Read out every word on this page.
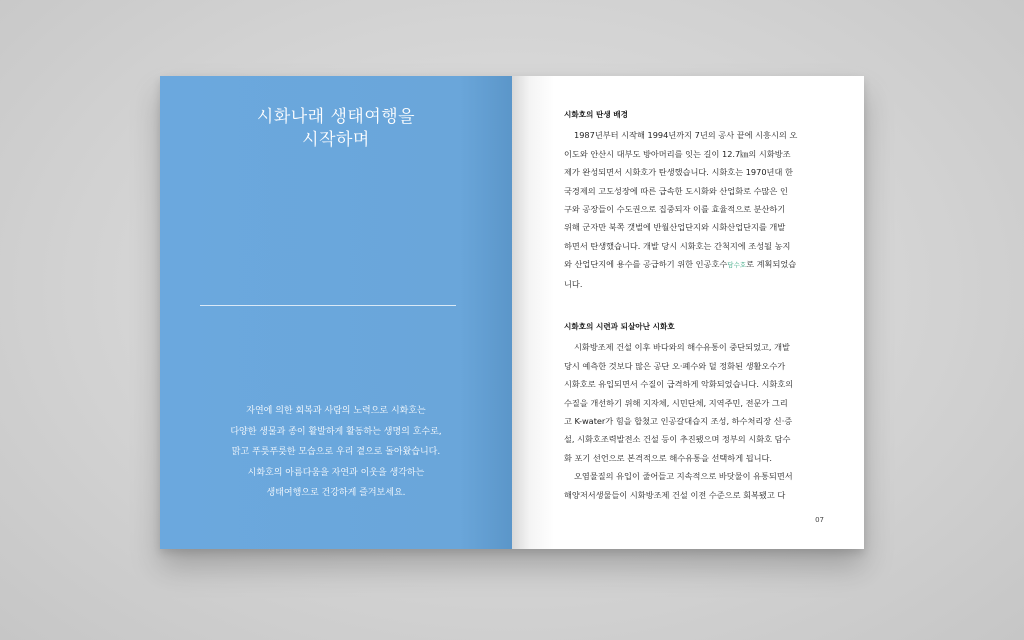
시화나래 생태여행을
시작하며
자연에 의한 회복과 사람의 노력으로 시화호는
다양한 생물과 종이 활발하게 활동하는 생명의 호수로,
맑고 푸릇푸릇한 모습으로 우리 곁으로 돌아왔습니다.
시화호의 아름다움을 자연과 이웃을 생각하는
생태여행으로 건강하게 즐겨보세요.
시화호의 탄생 배경
1987년부터 시작해 1994년까지 7년의 공사 끝에 시흥시의 오
이도와 안산시 대부도 방아머리를 잇는 길이 12.7㎞의 시화방조
제가 완성되면서 시화호가 탄생했습니다. 시화호는 1970년대 한
국경제의 고도성장에 따른 급속한 도시화와 산업화로 수많은 인
구와 공장들이 수도권으로 집중되자 이를 효율적으로 분산하기
위해 군자만 북쪽 갯벌에 반월산업단지와 시화산업단지를 개발
하면서 탄생했습니다. 개발 당시 시화호는 간척지에 조성될 농지
와 산업단지에 용수를 공급하기 위한 인공호수담수호로 계획되었습
니다.
시화호의 시련과 되살아난 시화호
시화방조제 건설 이후 바다와의 해수유통이 중단되었고, 개발
당시 예측한 것보다 많은 공단 오·폐수와 덜 정화된 생활오수가
시화호로 유입되면서 수질이 급격하게 악화되었습니다. 시화호의
수질을 개선하기 위해 지자체, 시민단체, 지역주민, 전문가 그리
고 K-water가 힘을 합쳤고 인공갈대습지 조성, 하수처리장 신·증
설, 시화호조력발전소 건설 등이 추진됐으며 정부의 시화호 담수
화 포기 선언으로 본격적으로 해수유통을 선택하게 됩니다.
오염물질의 유입이 줄어들고 지속적으로 바닷물이 유통되면서
해양저서생물들이 시화방조제 건설 이전 수준으로 회복됐고 다
07
